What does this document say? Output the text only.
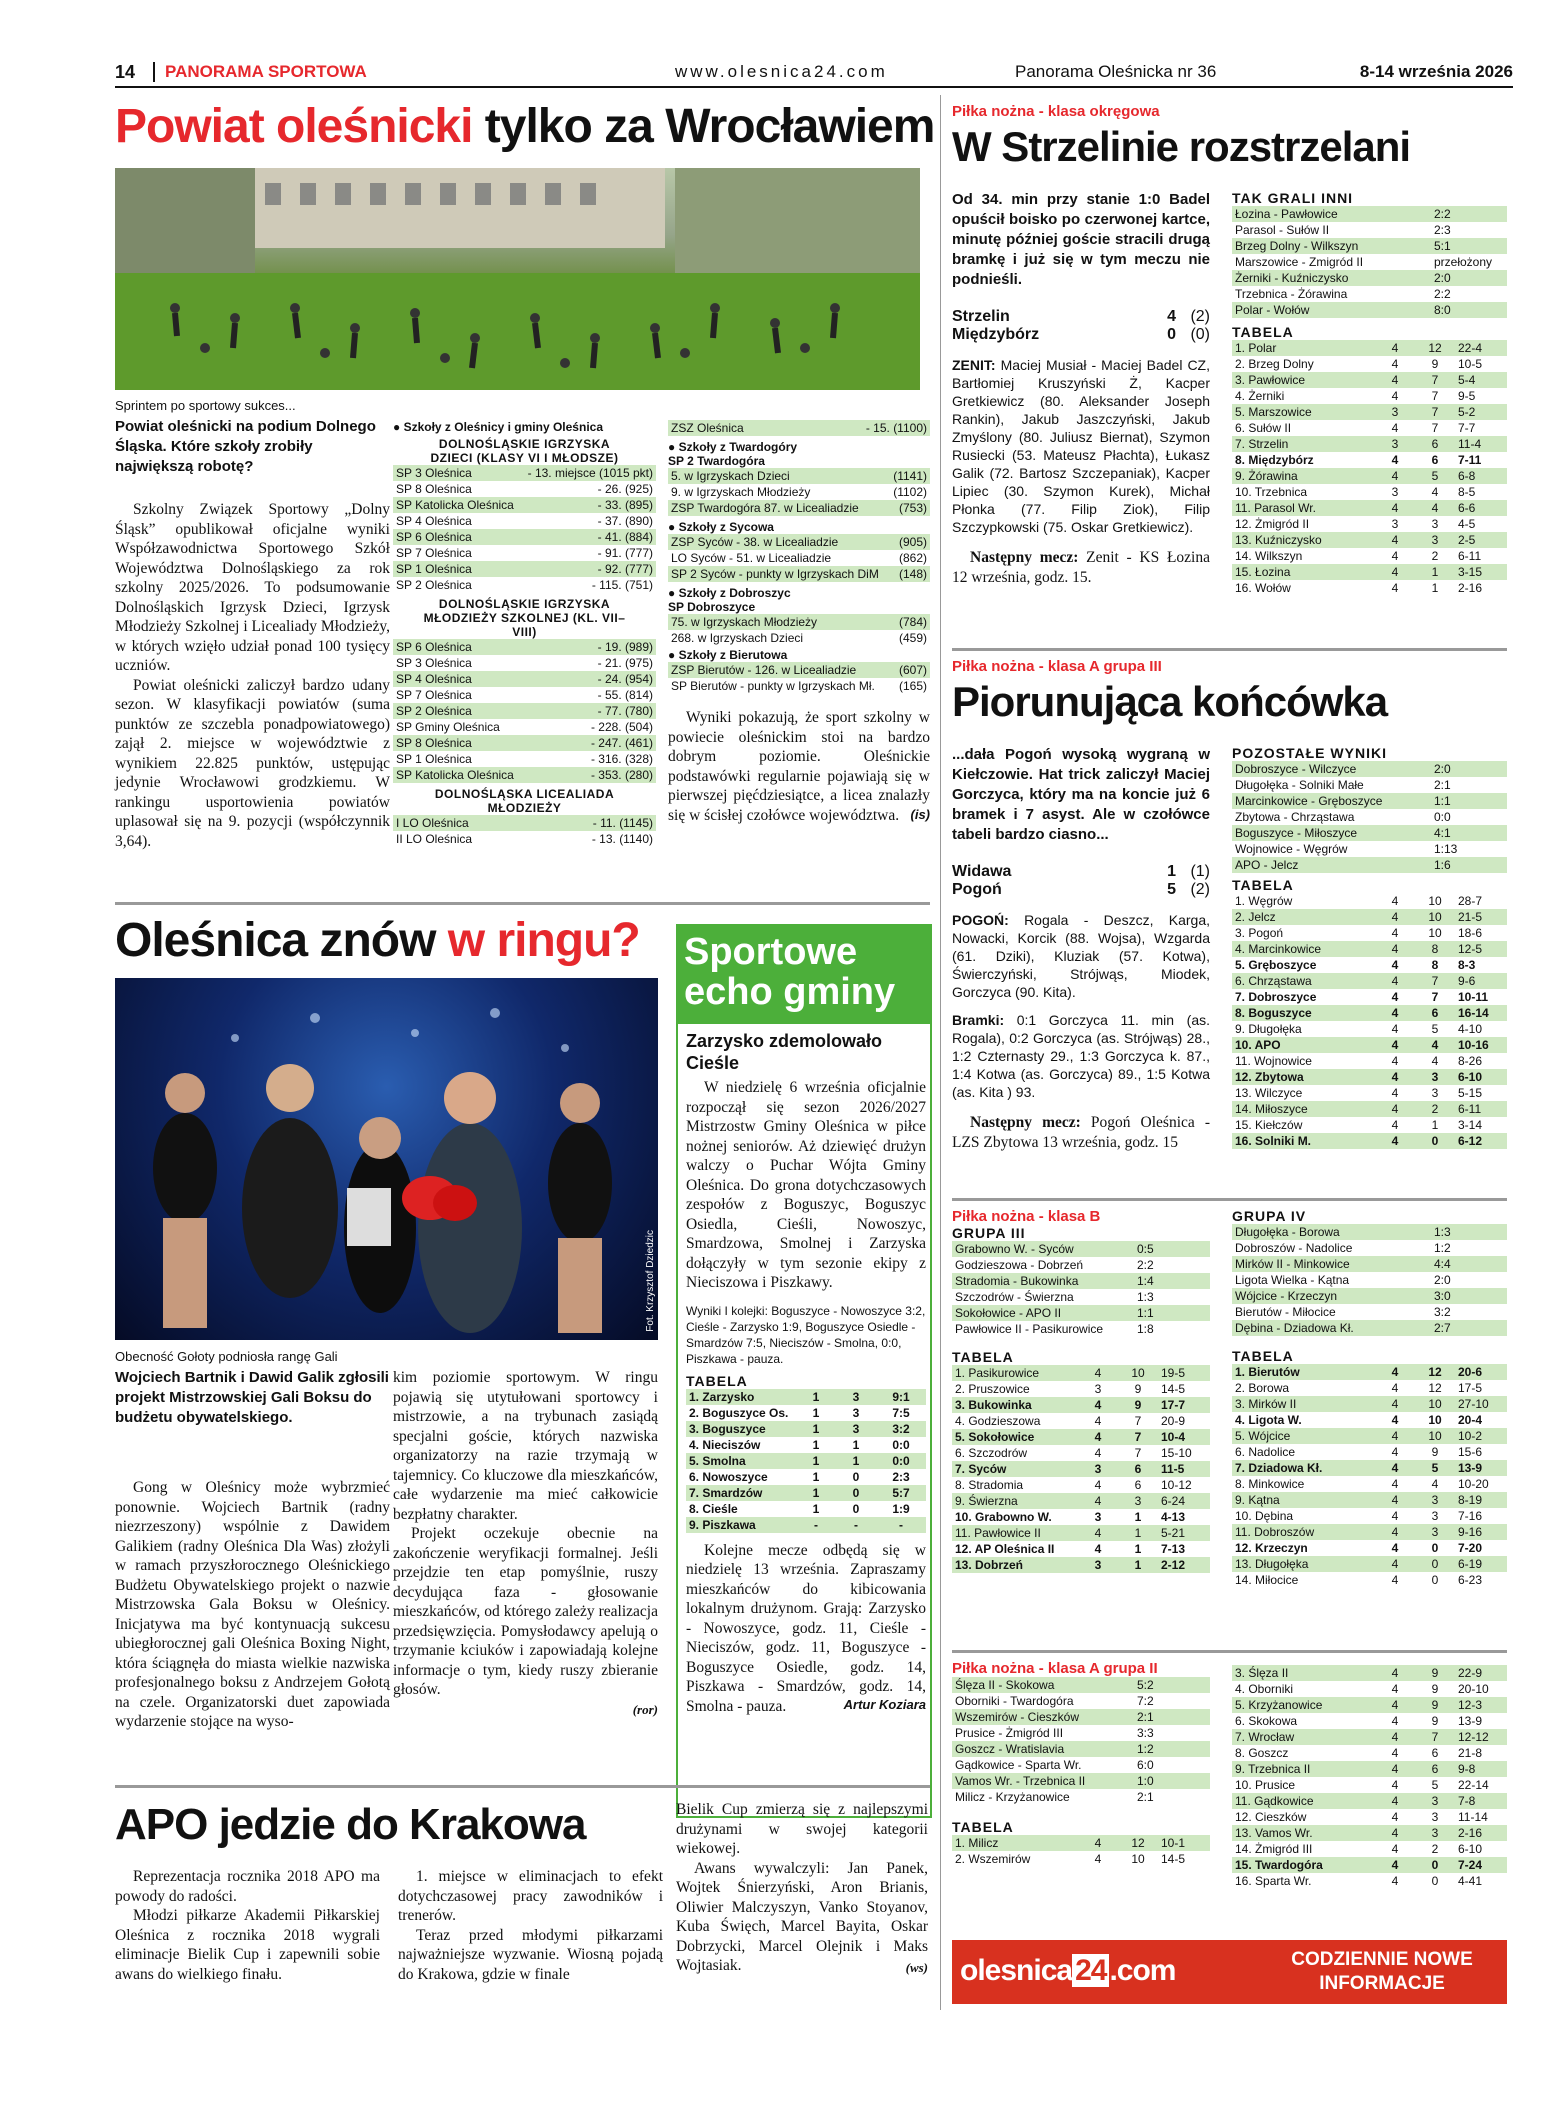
14	PANORAMA SPORTOWA	www.olesnica24.com	Panorama Oleśnicka nr 36	8-14 września 2026
Powiat oleśnicki tylko za Wrocławiem
Sprintem po sportowy sukces...
Powiat oleśnicki na podium Dolnego Śląska. Które szkoły zrobiły największą robotę?

Szkolny Związek Sportowy „Dolny Śląsk” opublikował oficjalne wyniki Współzawodnictwa Sportowego Szkół Województwa Dolnośląskiego za rok szkolny 2025/2026. To podsumowanie Dolnośląskich Igrzysk Dzieci, Igrzysk Młodzieży Szkolnej i Licealiady Młodzieży, w których wzięło udział ponad 100 tysięcy uczniów.

Powiat oleśnicki zaliczył bardzo udany sezon. W klasyfikacji powiatów (suma punktów ze szczebla ponadpowiatowego) zajął 2. miejsce w województwie z wynikiem 22.825 punktów, ustępując jedynie Wrocławowi grodzkiemu. W rankingu usportowienia powiatów uplasował się na 9. pozycji (współczynnik 3,64).

● Szkoły z Oleśnicy i gminy Oleśnica
DOLNOŚLĄSKIE IGRZYSKA DZIECI (KLASY VI I MŁODSZE)
SP 3 Oleśnica	- 13. miejsce (1015 pkt)
SP 8 Oleśnica	- 26. (925)
SP Katolicka Oleśnica	- 33. (895)
SP 4 Oleśnica	- 37. (890)
SP 6 Oleśnica	- 41. (884)
SP 7 Oleśnica	- 91. (777)
SP 1 Oleśnica	- 92. (777)
SP 2 Oleśnica	- 115. (751)
DOLNOŚLĄSKIE IGRZYSKA MŁODZIEŻY SZKOLNEJ (KL. VII–VIII)
SP 6 Oleśnica	- 19. (989)
SP 3 Oleśnica	- 21. (975)
SP 4 Oleśnica	- 24. (954)
SP 7 Oleśnica	- 55. (814)
SP 2 Oleśnica	- 77. (780)
SP Gminy Oleśnica	- 228. (504)
SP 8 Oleśnica	- 247. (461)
SP 1 Oleśnica	- 316. (328)
SP Katolicka Oleśnica	- 353. (280)
DOLNOŚLĄSKA LICEALIADA MŁODZIEŻY
I LO Oleśnica	- 11. (1145)
II LO Oleśnica	- 13. (1140)
ZSZ Oleśnica	- 15. (1100)
● Szkoły z Twardogóry
SP 2 Twardogóra
5. w Igrzyskach Dzieci	(1141)
9. w Igrzyskach Młodzieży	(1102)
ZSP Twardogóra 87. w Licealiadzie	(753)
● Szkoły z Sycowa
ZSP Syców - 38. w Licealiadzie	(905)
LO Syców - 51. w Licealiadzie	(862)
SP 2 Syców - punkty w Igrzyskach DiM	(148)
● Szkoły z Dobroszyc
SP Dobroszyce
75. w Igrzyskach Młodzieży	(784)
268. w Igrzyskach Dzieci	(459)
● Szkoły z Bierutowa
ZSP Bierutów - 126. w Licealiadzie	(607)
SP Bierutów - punkty w Igrzyskach Mł.	(165)

Wyniki pokazują, że sport szkolny w powiecie oleśnickim stoi na bardzo dobrym poziomie. Oleśnickie podstawówki regularnie pojawiają się w pierwszej pięćdziesiątce, a licea znalazły się w ścisłej czołówce województwa. (is)
Oleśnica znów w ringu?
Fot. Krzysztof Dziedzic
Obecność Gołoty podniosła rangę Gali
Wojciech Bartnik i Dawid Galik zgłosili projekt Mistrzowskiej Gali Boksu do budżetu obywatelskiego.

Gong w Oleśnicy może wybrzmieć ponownie. Wojciech Bartnik (radny niezrzeszony) wspólnie z Dawidem Galikiem (radny Oleśnica Dla Was) złożyli w ramach przyszłorocznego Oleśnickiego Budżetu Obywatelskiego projekt o nazwie Mistrzowska Gala Boksu w Oleśnicy. Inicjatywa ma być kontynuacją sukcesu ubiegłorocznej gali Oleśnica Boxing Night, która ściągnęła do miasta wielkie nazwiska profesjonalnego boksu z Andrzejem Gołotą na czele. Organizatorski duet zapowiada wydarzenie stojące na wyso-

kim poziomie sportowym. W ringu pojawią się utytułowani sportowcy i mistrzowie, a na trybunach zasiądą specjalni goście, których nazwiska organizatorzy na razie trzymają w tajemnicy. Co kluczowe dla mieszkańców, całe wydarzenie ma mieć całkowicie bezpłatny charakter.

Projekt oczekuje obecnie na zakończenie weryfikacji formalnej. Jeśli przejdzie ten etap pomyślnie, ruszy decydująca faza - głosowanie mieszkańców, od którego zależy realizacja przedsięwzięcia. Pomysłodawcy apelują o trzymanie kciuków i zapowiadają kolejne informacje o tym, kiedy ruszy zbieranie głosów.

(ror)
Sportowe echo gminy
Zarzysko zdemolowało Cieśle

W niedzielę 6 września oficjalnie rozpoczął się sezon 2026/2027 Mistrzostw Gminy Oleśnica w piłce nożnej seniorów. Aż dziewięć drużyn walczy o Puchar Wójta Gminy Oleśnica. Do grona dotychczasowych zespołów z Boguszyc, Boguszyc Osiedla, Cieśli, Nowoszyc, Smardzowa, Smolnej i Zarzyska dołączyły w tym sezonie ekipy z Nieciszowa i Piszkawy.

Wyniki I kolejki: Boguszyce - Nowoszyce 3:2, Cieśle - Zarzysko 1:9, Boguszyce Osiedle - Smardzów 7:5, Nieciszów - Smolna, 0:0, Piszkawa - pauza.
TABELA
1. Zarzysko	1	3	9:1
2. Boguszyce Os.	1	3	7:5
3. Boguszyce	1	3	3:2
4. Nieciszów	1	1	0:0
5. Smolna	1	1	0:0
6. Nowoszyce	1	0	2:3
7. Smardzów	1	0	5:7
8. Cieśle	1	0	1:9
9. Piszkawa	-	-	-

Kolejne mecze odbędą się w niedzielę 13 września. Zapraszamy mieszkańców do kibicowania lokalnym drużynom. Grają: Zarzysko - Nowoszyce, godz. 11, Cieśle - Nieciszów, godz. 11, Boguszyce - Boguszyce Osiedle, godz. 14, Piszkawa - Smardzów, godz. 14, Smolna - pauza.	Artur Koziara
APO jedzie do Krakowa

Reprezentacja rocznika 2018 APO ma powody do radości.

Młodzi piłkarze Akademii Piłkarskiej Oleśnica z rocznika 2018 wygrali eliminacje Bielik Cup i zapewnili sobie awans do wielkiego finału.

1. miejsce w eliminacjach to efekt dotychczasowej pracy zawodników i trenerów.

Teraz przed młodymi piłkarzami najważniejsze wyzwanie. Wiosną pojadą do Krakowa, gdzie w finale

Bielik Cup zmierzą się z najlepszymi drużynami w swojej kategorii wiekowej.

Awans wywalczyli: Jan Panek, Wojtek Śnierzyński, Aron Brianis, Oliwier Malczyszyn, Vanko Stoyanov, Kuba Święch, Marcel Bayita, Oskar Dobrzycki, Marcel Olejnik i Maks Wojtasiak.	(ws)
Piłka nożna - klasa okręgowa
W Strzelinie rozstrzelani
Od 34. min przy stanie 1:0 Badel opuścił boisko po czerwonej kartce, minutę później goście stracili drugą bramkę i już się w tym meczu nie podnieśli.
Strzelin	4 (2)
Międzybórz	0 (0)
ZENIT: Maciej Musiał - Maciej Badel CZ, Bartłomiej Kruszyński Ż, Kacper Gretkiewicz (80. Aleksander Joseph Rankin), Jakub Jaszczyński, Jakub Zmyślony (80. Juliusz Biernat), Szymon Rusiecki (53. Mateusz Płachta), Łukasz Galik (72. Bartosz Szczepaniak), Kacper Lipiec (30. Szymon Kurek), Michał Płonka (77. Filip Ziok), Filip Szczypkowski (75. Oskar Gretkiewicz).

Następny mecz: Zenit - KS Łozina 12 września, godz. 15.

TAK GRALI INNI
Łozina - Pawłowice	2:2
Parasol - Sułów II	2:3
Brzeg Dolny - Wilkszyn	5:1
Marszowice - Zmigród II	przełożony
Żerniki - Kuźniczysko	2:0
Trzebnica - Żórawina	2:2
Polar - Wołów	8:0
TABELA
1. Polar	4	12	22-4
2. Brzeg Dolny	4	9	10-5
3. Pawłowice	4	7	5-4
4. Żerniki	4	7	9-5
5. Marszowice	3	7	5-2
6. Sułów II	4	7	7-7
7. Strzelin	3	6	11-4
8. Międzybórz	4	6	7-11
9. Żórawina	4	5	6-8
10. Trzebnica	3	4	8-5
11. Parasol Wr.	4	4	6-6
12. Żmigród II	3	3	4-5
13. Kuźniczysko	4	3	2-5
14. Wilkszyn	4	2	6-11
15. Łozina	4	1	3-15
16. Wołów	4	1	2-16
Piłka nożna - klasa A grupa III
Piorunująca końcówka
...dała Pogoń wysoką wygraną w Kiełczowie. Hat trick zaliczył Maciej Gorczyca, który ma na koncie już 6 bramek i 7 asyst. Ale w czołówce tabeli bardzo ciasno...
Widawa	1 (1)
Pogoń	5 (2)
POGOŃ: Rogala - Deszcz, Karga, Nowacki, Korcik (88. Wojsa), Wzgarda (61. Dziki), Kluziak (57. Kotwa), Świerczyński, Strójwąs, Miodek, Gorczyca (90. Kita).
Bramki: 0:1 Gorczyca 11. min (as. Rogala), 0:2 Gorczyca (as. Strójwąs) 28., 1:2 Czternasty 29., 1:3 Gorczyca k. 87., 1:4 Kotwa (as. Gorczyca) 89., 1:5 Kotwa (as. Kita ) 93.

Następny mecz: Pogoń Oleśnica - LZS Zbytowa 13 września, godz. 15

POZOSTAŁE WYNIKI
Dobroszyce - Wilczyce	2:0
Długołęka - Solniki Małe	2:1
Marcinkowice - Gręboszyce	1:1
Zbytowa - Chrząstawa	0:0
Boguszyce - Miłoszyce	4:1
Wojnowice - Węgrów	1:13
APO - Jelcz	1:6
TABELA
1. Węgrów	4	10	28-7
2. Jelcz	4	10	21-5
3. Pogoń	4	10	18-6
4. Marcinkowice	4	8	12-5
5. Gręboszyce	4	8	8-3
6. Chrząstawa	4	7	9-6
7. Dobroszyce	4	7	10-11
8. Boguszyce	4	6	16-14
9. Długołęka	4	5	4-10
10. APO	4	4	10-16
11. Wojnowice	4	4	8-26
12. Zbytowa	4	3	6-10
13. Wilczyce	4	3	5-15
14. Miłoszyce	4	2	6-11
15. Kiełczów	4	1	3-14
16. Solniki M.	4	0	6-12
Piłka nożna - klasa B
GRUPA III
Grabowno W. - Syców	0:5
Godzieszowa - Dobrzeń	2:2
Stradomia - Bukowinka	1:4
Szczodrów - Świerzna	1:3
Sokołowice - APO II	1:1
Pawłowice II - Pasikurowice	1:8
TABELA
1. Pasikurowice	4	10	19-5
2. Pruszowice	3	9	14-5
3. Bukowinka	4	9	17-7
4. Godzieszowa	4	7	20-9
5. Sokołowice	4	7	10-4
6. Szczodrów	4	7	15-10
7. Syców	3	6	11-5
8. Stradomia	4	6	10-12
9. Świerzna	4	3	6-24
10. Grabowno W.	3	1	4-13
11. Pawłowice II	4	1	5-21
12. AP Oleśnica II	4	1	7-13
13. Dobrzeń	3	1	2-12
GRUPA IV
Długołęka - Borowa	1:3
Dobroszów - Nadolice	1:2
Mirków II - Minkowice	4:4
Ligota Wielka - Kątna	2:0
Wójcice - Krzeczyn	3:0
Bierutów - Miłocice	3:2
Dębina - Dziadowa Kł.	2:7
TABELA
1. Bierutów	4	12	20-6
2. Borowa	4	12	17-5
3. Mirków II	4	10	27-10
4. Ligota W.	4	10	20-4
5. Wójcice	4	10	10-2
6. Nadolice	4	9	15-6
7. Dziadowa Kł.	4	5	13-9
8. Minkowice	4	4	10-20
9. Kątna	4	3	8-19
10. Dębina	4	3	7-16
11. Dobroszów	4	3	9-16
12. Krzeczyn	4	0	7-20
13. Długołęka	4	0	6-19
14. Miłocice	4	0	6-23
Piłka nożna - klasa A grupa II
Ślęza II - Skokowa	5:2
Oborniki - Twardogóra	7:2
Wszemirów - Cieszków	2:1
Prusice - Żmigród III	3:3
Goszcz - Wratislavia	1:2
Gądkowice - Sparta Wr.	6:0
Vamos Wr. - Trzebnica II	1:0
Milicz - Krzyżanowice	2:1
TABELA
1. Milicz	4	12	10-1
2. Wszemirów	4	10	14-5
3. Ślęza II	4	9	22-9
4. Oborniki	4	9	20-10
5. Krzyżanowice	4	9	12-3
6. Skokowa	4	9	13-9
7. Wrocław	4	7	12-12
8. Goszcz	4	6	21-8
9. Trzebnica II	4	6	9-8
10. Prusice	4	5	22-14
11. Gądkowice	4	3	7-8
12. Cieszków	4	3	11-14
13. Vamos Wr.	4	3	2-16
14. Żmigród III	4	2	6-10
15. Twardogóra	4	0	7-24
16. Sparta Wr.	4	0	4-41
olesnica 24 .com	CODZIENNIE NOWE INFORMACJE
